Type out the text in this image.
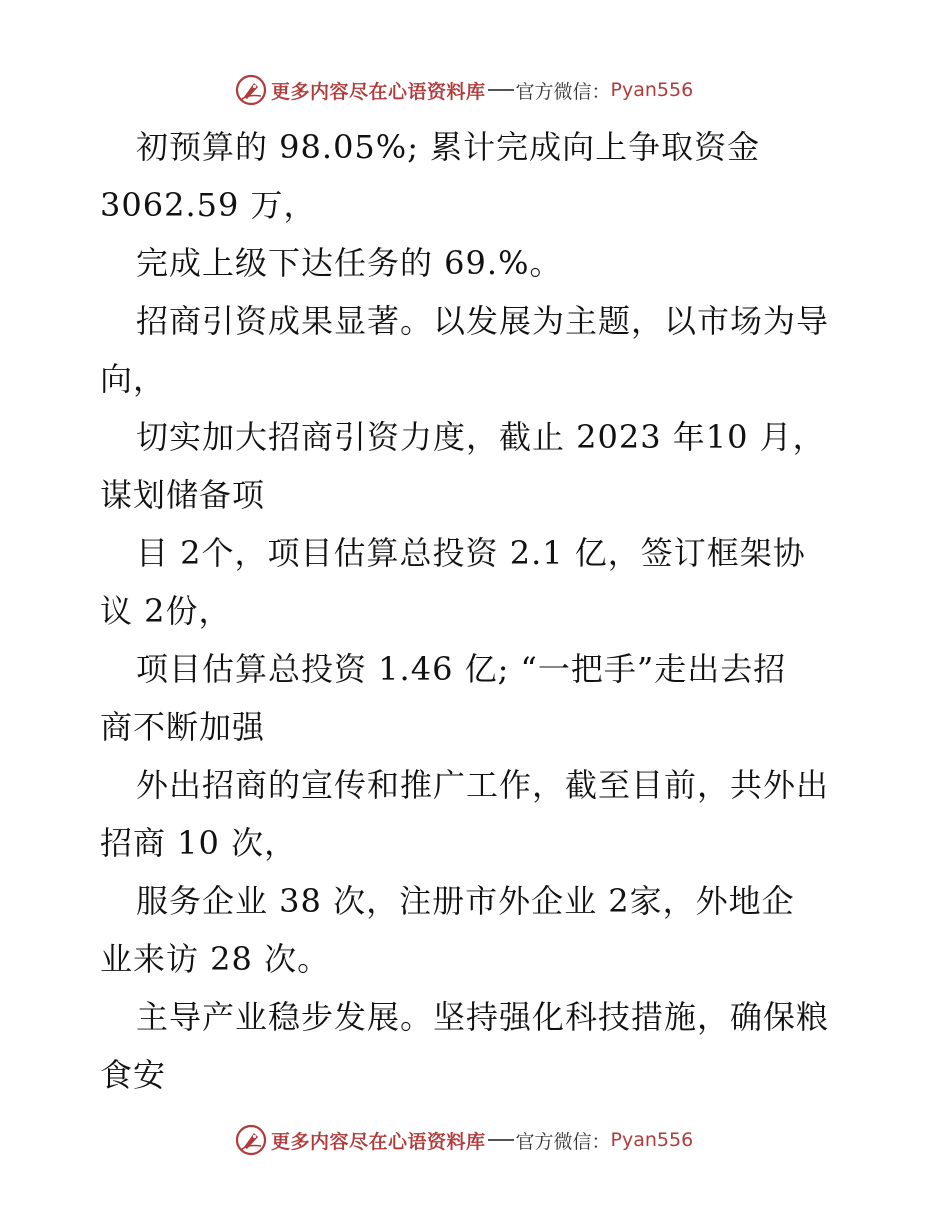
更多内容尽在心语资料库 官方微信： Pyan556
初预算的 98.05%; 累计完成向上争取资金
3062.59 万，
完成上级下达任务的 69.%。
招商引资成果显著。以发展为主题，以市场为导
向，
切实加大招商引资力度，截止 2023 年10 月，
谋划储备项
目 2个，项目估算总投资 2.1 亿，签订框架协
议 2份，
项目估算总投资 1.46 亿; “一把手”走出去招
商不断加强
外出招商的宣传和推广工作，截至目前，共外出
招商 10 次，
服务企业 38 次，注册市外企业 2家，外地企
业来访 28 次。
主导产业稳步发展。坚持强化科技措施，确保粮
食安
更多内容尽在心语资料库 官方微信： Pyan556
